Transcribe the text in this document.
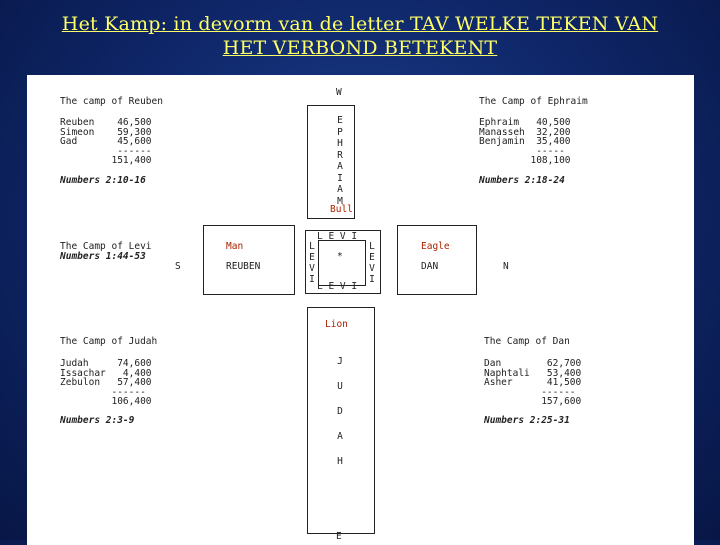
Het Kamp: in devorm van de letter TAV WELKE TEKEN VAN
HET VERBOND BETEKENT
W
E
P
H
R
A
I
A
M
Bull
The camp of Reuben
Reuben    46,500
Simeon    59,300
Gad       45,600
------
151,400
Numbers 2:10-16
The Camp of Ephraim
Ephraim   40,500
Manasseh  32,200
Benjamin  35,400
-----
108,100
Numbers 2:18-24
The Camp of Levi
Numbers 1:44-53
S	N
Man
REUBEN
L E V I
L E V I
L
E
V
I
L
E
V
I
*
Eagle
DAN
Lion
J
U
D
A
H
E
The Camp of Judah
Judah     74,600
Issachar   4,400
Zebulon   57,400
------
106,400
Numbers 2:3-9
The Camp of Dan
Dan        62,700
Naphtali   53,400
Asher      41,500
------
157,600
Numbers 2:25-31
